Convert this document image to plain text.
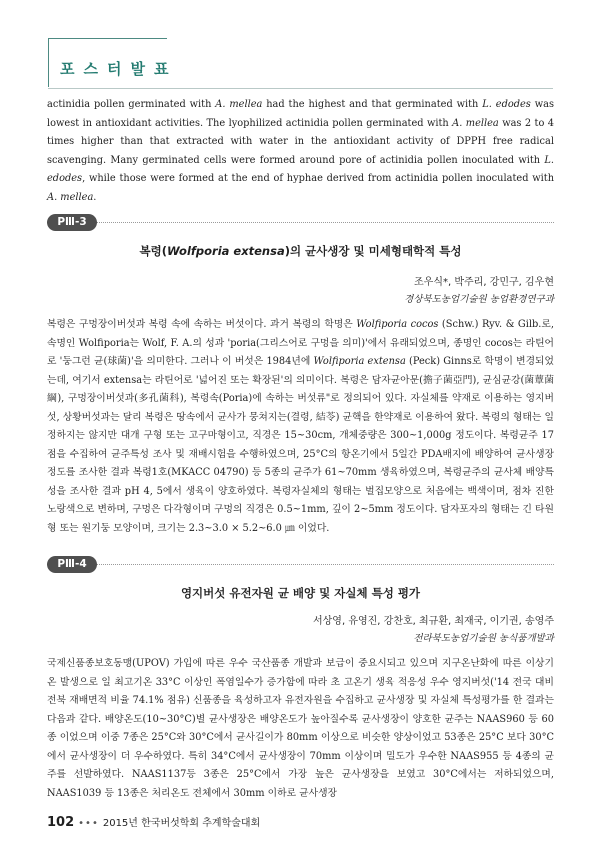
포스터발표

actinidia pollen germinated with A. mellea had the highest and that germinated with L. edodes was lowest in antioxidant activities. The lyophilized actinidia pollen germinated with A. mellea was 2 to 4 times higher than that extracted with water in the antioxidant activity of DPPH free radical scavenging. Many germinated cells were formed around pore of actinidia pollen inoculated with L. edodes, while those were formed at the end of hyphae derived from actinidia pollen inoculated with A. mellea.

PⅢ-3

복령(Wolfporia extensa)의 균사생장 및 미세형태학적 특성

조우식*, 박주리, 강민구, 김우현
경상북도농업기술원 농업환경연구과

복령은 구멍장이버섯과 복령 속에 속하는 버섯이다. 과거 복령의 학명은 Wolfiporia cocos (Schw.) Ryv. & Gilb.로, 속명인 Wolfiporia는 Wolf, F. A.의 성과 'poria(그리스어로 구멍을 의미)'에서 유래되었으며, 종명인 cocos는 라틴어로 '둥그런 균(球菌)'을 의미한다. 그러나 이 버섯은 1984년에 Wolfiporia extensa (Peck) Ginns로 학명이 변경되었는데, 여기서 extensa는 라틴어로 '넓어진 또는 확장된'의 의미이다. 복령은 담자균아문(擔子菌亞門), 균심균강(菌蕈菌綱), 구멍장이버섯과(多孔菌科), 복령속(Poria)에 속하는 버섯류"로 정의되어 있다. 자실체를 약재로 이용하는 영지버섯, 상황버섯과는 달리 복령은 땅속에서 균사가 뭉쳐지는(결령, 結苓) 균핵을 한약재로 이용하여 왔다. 복령의 형태는 일정하지는 않지만 대개 구형 또는 고구마형이고, 직경은 15~30cm, 개체중량은 300~1,000g 정도이다. 복령균주 17점을 수집하여 균주특성 조사 및 재배시험을 수행하였으며, 25°C의 항온기에서 5일간 PDA배지에 배양하여 균사생장 정도를 조사한 결과 복령1호(MKACC 04790) 등 5종의 균주가 61~70mm 생육하였으며, 복령균주의 균사체 배양특성을 조사한 결과 pH 4, 5에서 생육이 양호하였다. 복령자실체의 형태는 벌집모양으로 처음에는 백색이며, 점차 진한 노랑색으로 변하며, 구멍은 다각형이며 구멍의 직경은 0.5~1mm, 깊이 2~5mm 정도이다. 담자포자의 형태는 긴 타원형 또는 원기둥 모양이며, 크기는 2.3~3.0 × 5.2~6.0 ㎛ 이었다.

PⅢ-4

영지버섯 유전자원 균 배양 및 자실체 특성 평가

서상영, 유영진, 강찬호, 최규환, 최재국, 이기권, 송영주
전라북도농업기술원 농식품개발과

국제신품종보호동맹(UPOV) 가입에 따른 우수 국산품종 개발과 보급이 중요시되고 있으며 지구온난화에 따른 이상기온 발생으로 일 최고기온 33°C 이상인 폭염일수가 증가함에 따라 초 고온기 생육 적응성 우수 영지버섯('14 전국 대비 전북 재배면적 비율 74.1% 점유) 신품종을 육성하고자 유전자원을 수집하고 균사생장 및 자실체 특성평가를 한 결과는 다음과 같다. 배양온도(10~30°C)별 균사생장은 배양온도가 높아질수록 균사생장이 양호한 균주는 NAAS960 등 60종 이었으며 이중 7종은 25°C와 30°C에서 균사길이가 80mm 이상으로 비슷한 양상이었고 53종은 25°C 보다 30°C에서 균사생장이 더 우수하였다. 특히 34°C에서 균사생장이 70mm 이상이며 밀도가 우수한 NAAS955 등 4종의 균주를 선발하였다. NAAS1137등 3종은 25°C에서 가장 높은 균사생장을 보였고 30°C에서는 저하되었으며, NAAS1039 등 13종은 처리온도 전체에서 30mm 이하로 균사생장

102 ••• 2015년 한국버섯학회 추계학술대회
